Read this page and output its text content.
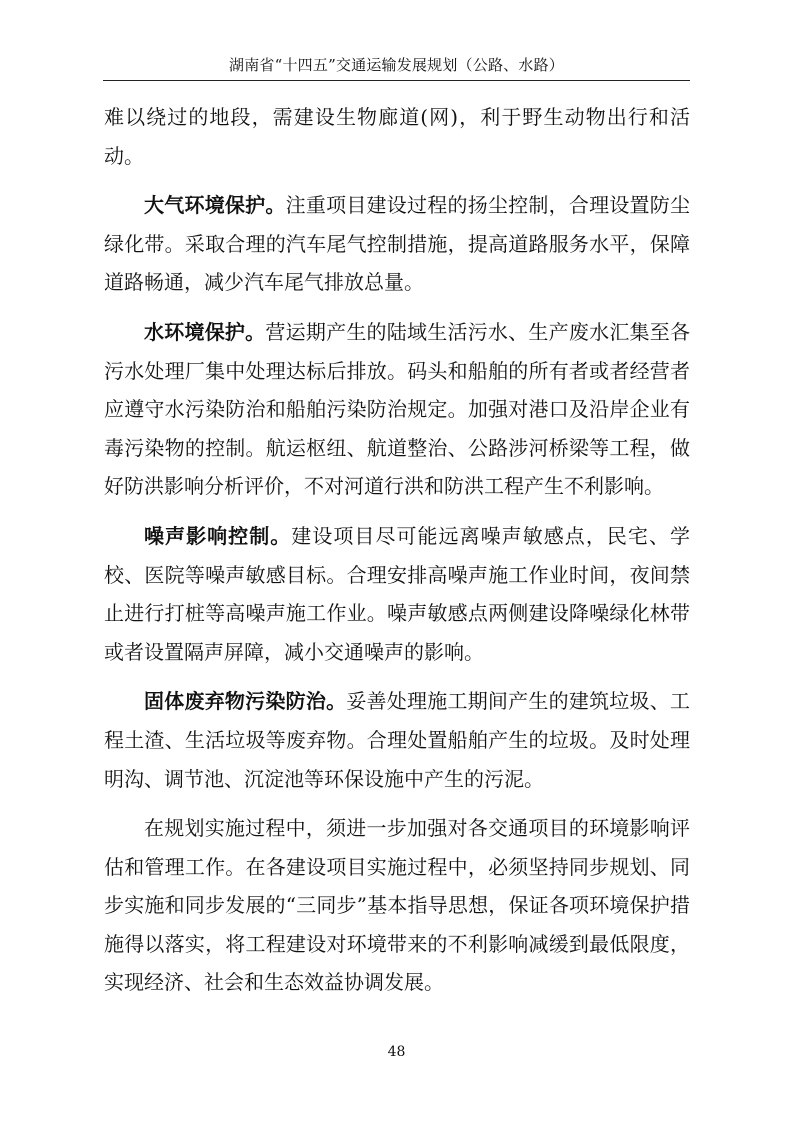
湖南省“十四五”交通运输发展规划（公路、水路）

难以绕过的地段，需建设生物廊道(网)，利于野生动物出行和活动。

大气环境保护。注重项目建设过程的扬尘控制，合理设置防尘绿化带。采取合理的汽车尾气控制措施，提高道路服务水平，保障道路畅通，减少汽车尾气排放总量。

水环境保护。营运期产生的陆域生活污水、生产废水汇集至各污水处理厂集中处理达标后排放。码头和船舶的所有者或者经营者应遵守水污染防治和船舶污染防治规定。加强对港口及沿岸企业有毒污染物的控制。航运枢纽、航道整治、公路涉河桥梁等工程，做好防洪影响分析评价，不对河道行洪和防洪工程产生不利影响。

噪声影响控制。建设项目尽可能远离噪声敏感点，民宅、学校、医院等噪声敏感目标。合理安排高噪声施工作业时间，夜间禁止进行打桩等高噪声施工作业。噪声敏感点两侧建设降噪绿化林带或者设置隔声屏障，减小交通噪声的影响。

固体废弃物污染防治。妥善处理施工期间产生的建筑垃圾、工程土渣、生活垃圾等废弃物。合理处置船舶产生的垃圾。及时处理明沟、调节池、沉淀池等环保设施中产生的污泥。

在规划实施过程中，须进一步加强对各交通项目的环境影响评估和管理工作。在各建设项目实施过程中，必须坚持同步规划、同步实施和同步发展的“三同步”基本指导思想，保证各项环境保护措施得以落实，将工程建设对环境带来的不利影响减缓到最低限度，实现经济、社会和生态效益协调发展。

48
